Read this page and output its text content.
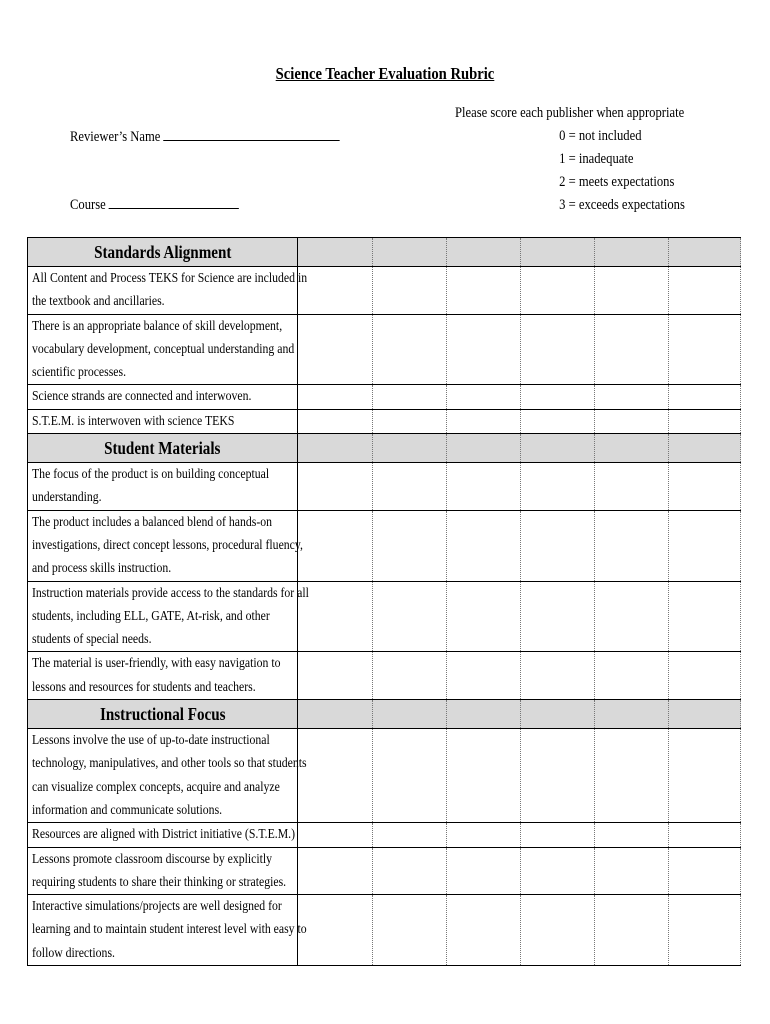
Science Teacher Evaluation Rubric
Reviewer’s Name
Course
Please score each publisher when appropriate
0 = not included
1 = inadequate
2 = meets expectations
3 = exceeds expectations
Standards Alignment						

All Content and Process TEKS for Science are included in the textbook and ancillaries.						

There is an appropriate balance of skill development, vocabulary development, conceptual understanding and scientific processes.						

Science strands are connected and interwoven.						

S.T.E.M. is interwoven with science TEKS						

Student Materials						

The focus of the product is on building conceptual understanding.						

The product includes a balanced blend of hands-on investigations, direct concept lessons, procedural fluency, and process skills instruction.						

Instruction materials provide access to the standards for all students, including ELL, GATE, At-risk, and other students of special needs.						

The material is user-friendly, with easy navigation to lessons and resources for students and teachers.						

Instructional Focus						

Lessons involve the use of up-to-date instructional technology, manipulatives, and other tools so that students can visualize complex concepts, acquire and analyze information and communicate solutions.						

Resources are aligned with District initiative (S.T.E.M.)						

Lessons promote classroom discourse by explicitly requiring students to share their thinking or strategies.						

Interactive simulations/projects are well designed for learning and to maintain student interest level with easy to follow directions.						
